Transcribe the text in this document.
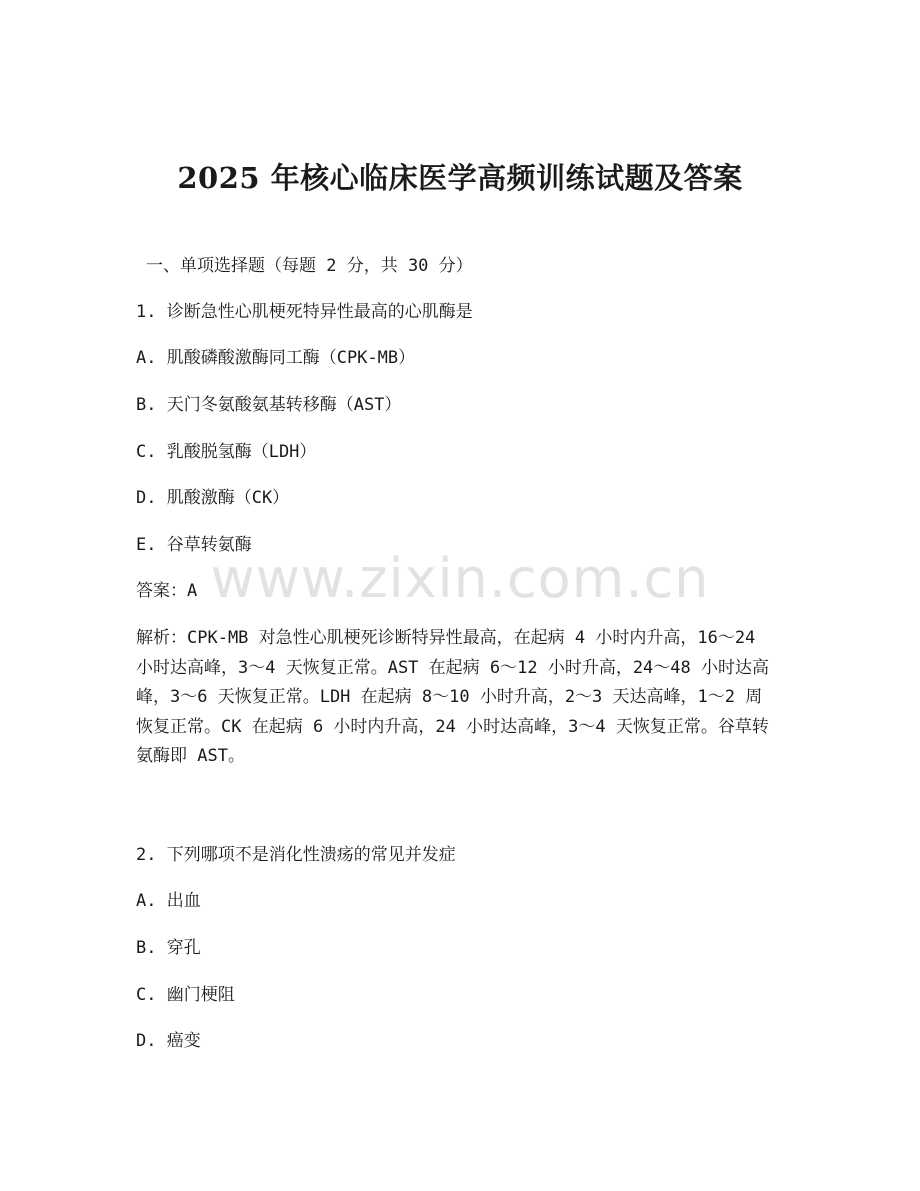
www.zixin.com.cn
2025 年核心临床医学高频训练试题及答案

一、单项选择题（每题 2 分，共 30 分）

1. 诊断急性心肌梗死特异性最高的心肌酶是

A. 肌酸磷酸激酶同工酶（CPK-MB）

B. 天门冬氨酸氨基转移酶（AST）

C. 乳酸脱氢酶（LDH）

D. 肌酸激酶（CK）

E. 谷草转氨酶

答案：A

解析：CPK-MB 对急性心肌梗死诊断特异性最高，在起病 4 小时内升高，16～24 小时达高峰，3～4 天恢复正常。AST 在起病 6～12 小时升高，24～48 小时达高峰，3～6 天恢复正常。LDH 在起病 8～10 小时升高，2～3 天达高峰，1～2 周恢复正常。CK 在起病 6 小时内升高，24 小时达高峰，3～4 天恢复正常。谷草转氨酶即 AST。

2. 下列哪项不是消化性溃疡的常见并发症

A. 出血

B. 穿孔

C. 幽门梗阻

D. 癌变
